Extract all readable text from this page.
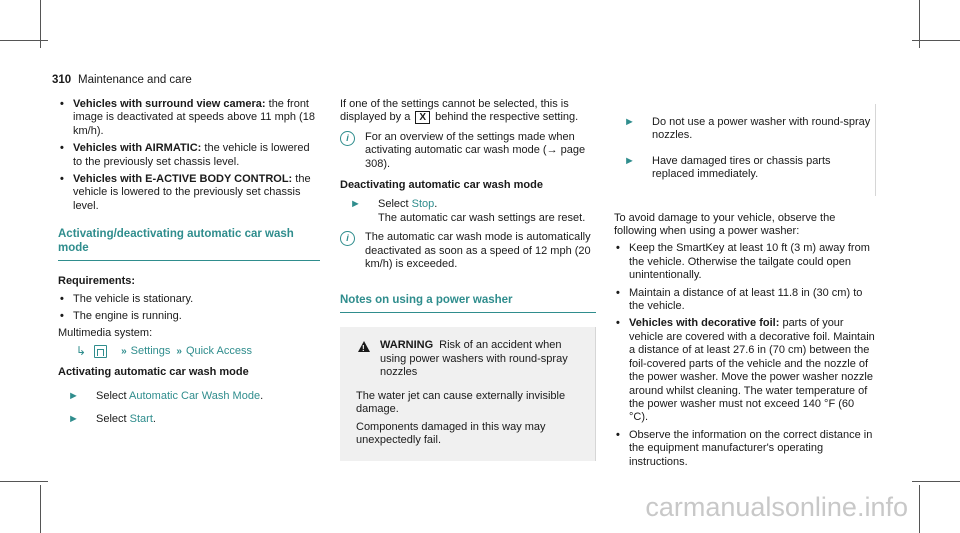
310 Maintenance and care
• Vehicles with surround view camera: the front image is deactivated at speeds above 11 mph (18 km/h).
• Vehicles with AIRMATIC: the vehicle is lowered to the previously set chassis level.
• Vehicles with E-ACTIVE BODY CONTROL: the vehicle is lowered to the previously set chassis level.
Activating/deactivating automatic car wash mode
Requirements:
• The vehicle is stationary.
• The engine is running.
Multimedia system:
↳	» Settings » Quick Access
Activating automatic car wash mode
►	Select Automatic Car Wash Mode.
►	Select Start.
If one of the settings cannot be selected, this is displayed by a X behind the respective setting.
i	For an overview of the settings made when activating automatic car wash mode (→ page 308).
Deactivating automatic car wash mode
►	Select Stop.
The automatic car wash settings are reset.
i	The automatic car wash mode is automatically deactivated as soon as a speed of 12 mph (20 km/h) is exceeded.
Notes on using a power washer
!
WARNING Risk of an accident when using power washers with round-spray nozzles
The water jet can cause externally invisible damage.
Components damaged in this way may unexpectedly fail.
►	Do not use a power washer with round-spray nozzles.
►	Have damaged tires or chassis parts replaced immediately.
To avoid damage to your vehicle, observe the following when using a power washer:
• Keep the SmartKey at least 10 ft (3 m) away from the vehicle. Otherwise the tailgate could open unintentionally.
• Maintain a distance of at least 11.8 in (30 cm) to the vehicle.
• Vehicles with decorative foil: parts of your vehicle are covered with a decorative foil. Maintain a distance of at least 27.6 in (70 cm) between the foil-covered parts of the vehicle and the nozzle of the power washer. Move the power washer nozzle around whilst cleaning. The water temperature of the power washer must not exceed 140 °F (60 °C).
• Observe the information on the correct distance in the equipment manufacturer's operating instructions.
carmanualsonline.info
